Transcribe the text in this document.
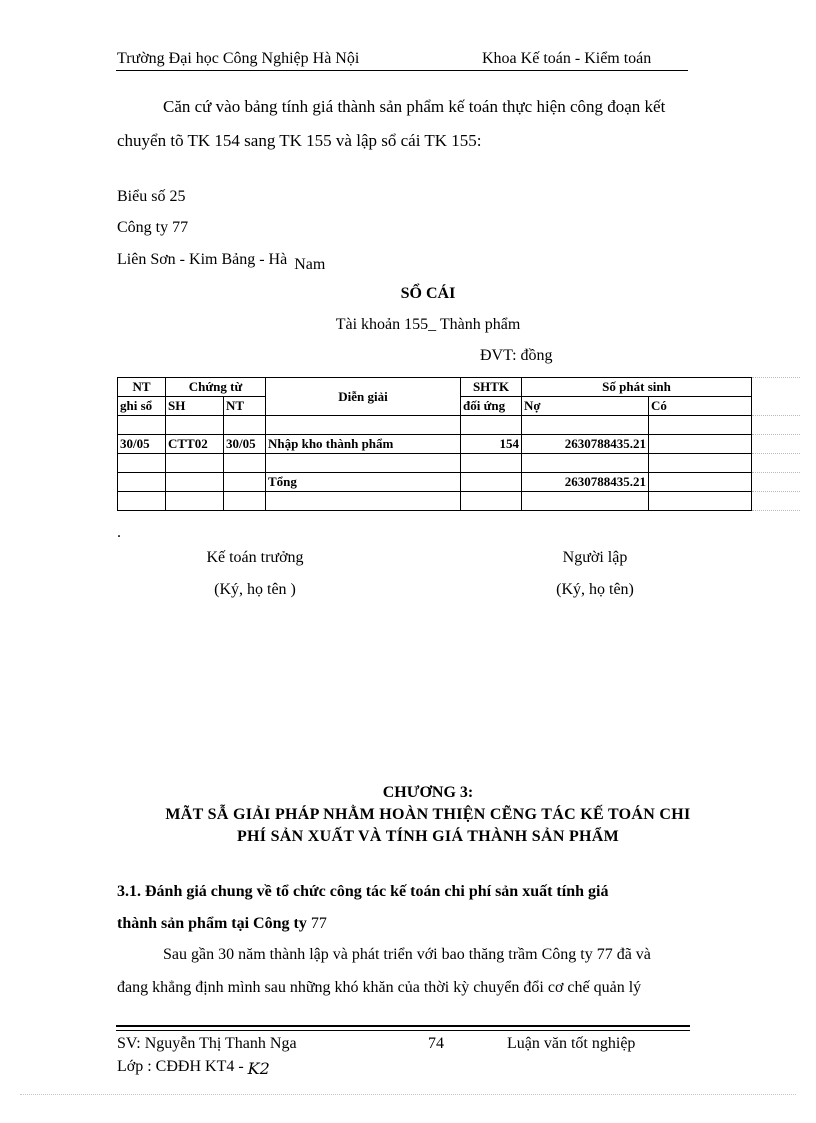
Trường Đại học Công Nghiệp Hà Nội	Khoa Kế toán - Kiểm toán
Căn cứ vào bảng tính giá thành sản phẩm kế toán thực hiện công đoạn kết
chuyển tõ TK 154 sang TK 155 và lập sổ cái TK 155:
Biểu số 25
Công ty 77
Liên Sơn - Kim Bảng - Hà Nam
SỔ CÁI
Tài khoản 155_ Thành phẩm
ĐVT: đồng
NT	Chứng từ		Diễn giải	SHTK	Số phát sinh		
ghi sổ	SH	NT		đối ứng	Nợ	Có	

30/05	CTT02	30/05	Nhập kho thành phẩm	154	2630788435.21		

			Tổng		2630788435.21		

.
Kế toán trưởng
(Ký, họ tên )
Người lập
(Ký, họ tên)
CHƯƠNG 3:
MÃT SẪ GIẢI PHÁP NHẰM HOÀN THIỆN CẼNG TÁC KẾ TOÁN CHI
PHÍ SẢN XUẤT VÀ TÍNH GIÁ THÀNH SẢN PHẨM
3.1. Đánh giá chung về tổ chức công tác kế toán chi phí sản xuất tính giá
thành sản phẩm tại Công ty 77
Sau gần 30 năm thành lập và phát triển với bao thăng trầm Công ty 77 đã và
đang khẳng định mình sau những khó khăn của thời kỳ chuyển đổi cơ chế quản lý
SV: Nguyễn Thị Thanh Nga	74	Luận văn tốt nghiệp
Lớp : CĐĐH KT4 - K2
